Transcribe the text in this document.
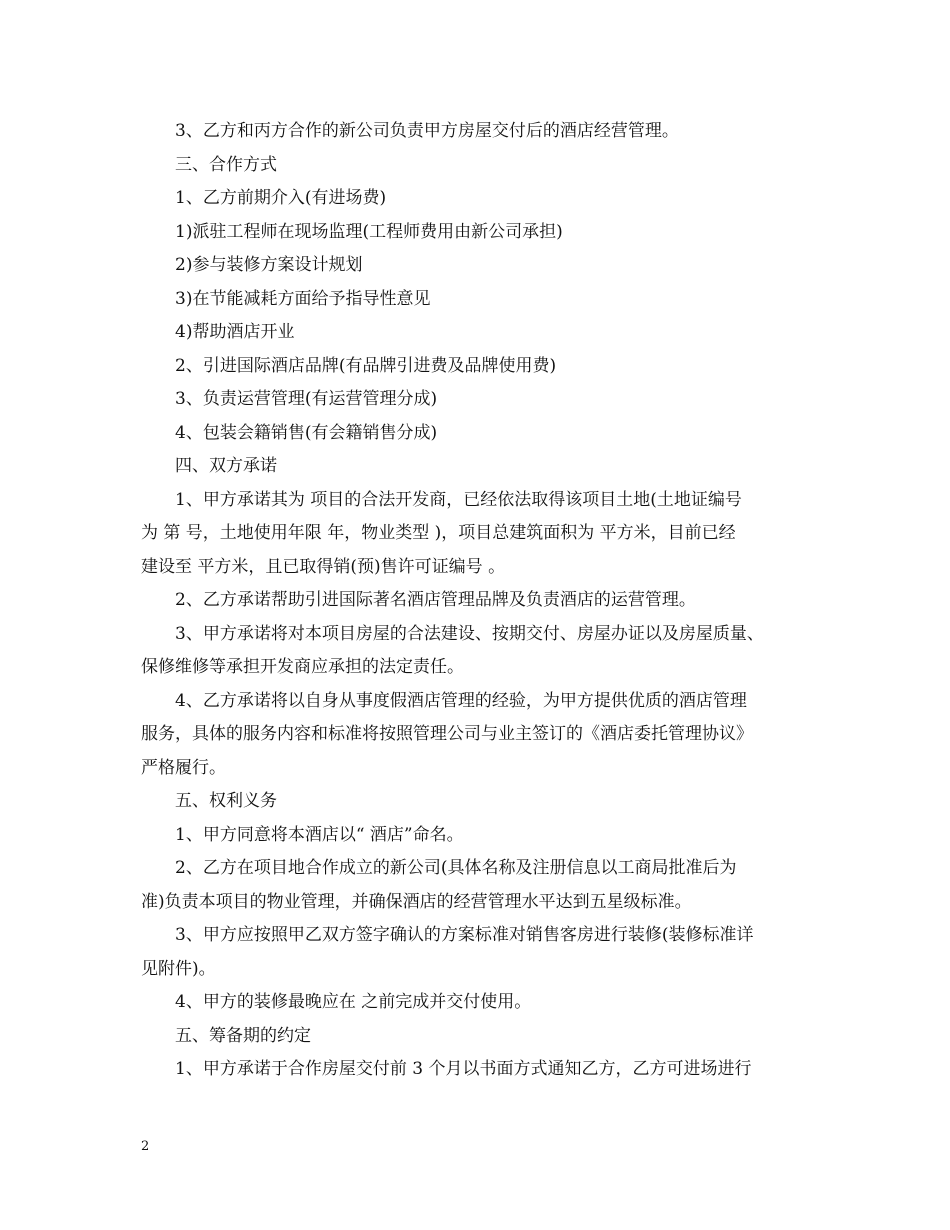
3、乙方和丙方合作的新公司负责甲方房屋交付后的酒店经营管理。

三、合作方式

1、乙方前期介入(有进场费)

1)派驻工程师在现场监理(工程师费用由新公司承担)

2)参与装修方案设计规划

3)在节能减耗方面给予指导性意见

4)帮助酒店开业

2、引进国际酒店品牌(有品牌引进费及品牌使用费)

3、负责运营管理(有运营管理分成)

4、包装会籍销售(有会籍销售分成)

四、双方承诺

1、甲方承诺其为 项目的合法开发商，已经依法取得该项目土地(土地证编号

为 第 号，土地使用年限 年，物业类型 )，项目总建筑面积为 平方米，目前已经

建设至 平方米，且已取得销(预)售许可证编号 。

2、乙方承诺帮助引进国际著名酒店管理品牌及负责酒店的运营管理。

3、甲方承诺将对本项目房屋的合法建设、按期交付、房屋办证以及房屋质量、

保修维修等承担开发商应承担的法定责任。

4、乙方承诺将以自身从事度假酒店管理的经验，为甲方提供优质的酒店管理

服务，具体的服务内容和标准将按照管理公司与业主签订的《酒店委托管理协议》

严格履行。

五、权利义务

1、甲方同意将本酒店以“ 酒店”命名。

2、乙方在项目地合作成立的新公司(具体名称及注册信息以工商局批准后为

准)负责本项目的物业管理，并确保酒店的经营管理水平达到五星级标准。

3、甲方应按照甲乙双方签字确认的方案标准对销售客房进行装修(装修标准详

见附件)。

4、甲方的装修最晚应在 之前完成并交付使用。

五、筹备期的约定

1、甲方承诺于合作房屋交付前 3 个月以书面方式通知乙方，乙方可进场进行

2
